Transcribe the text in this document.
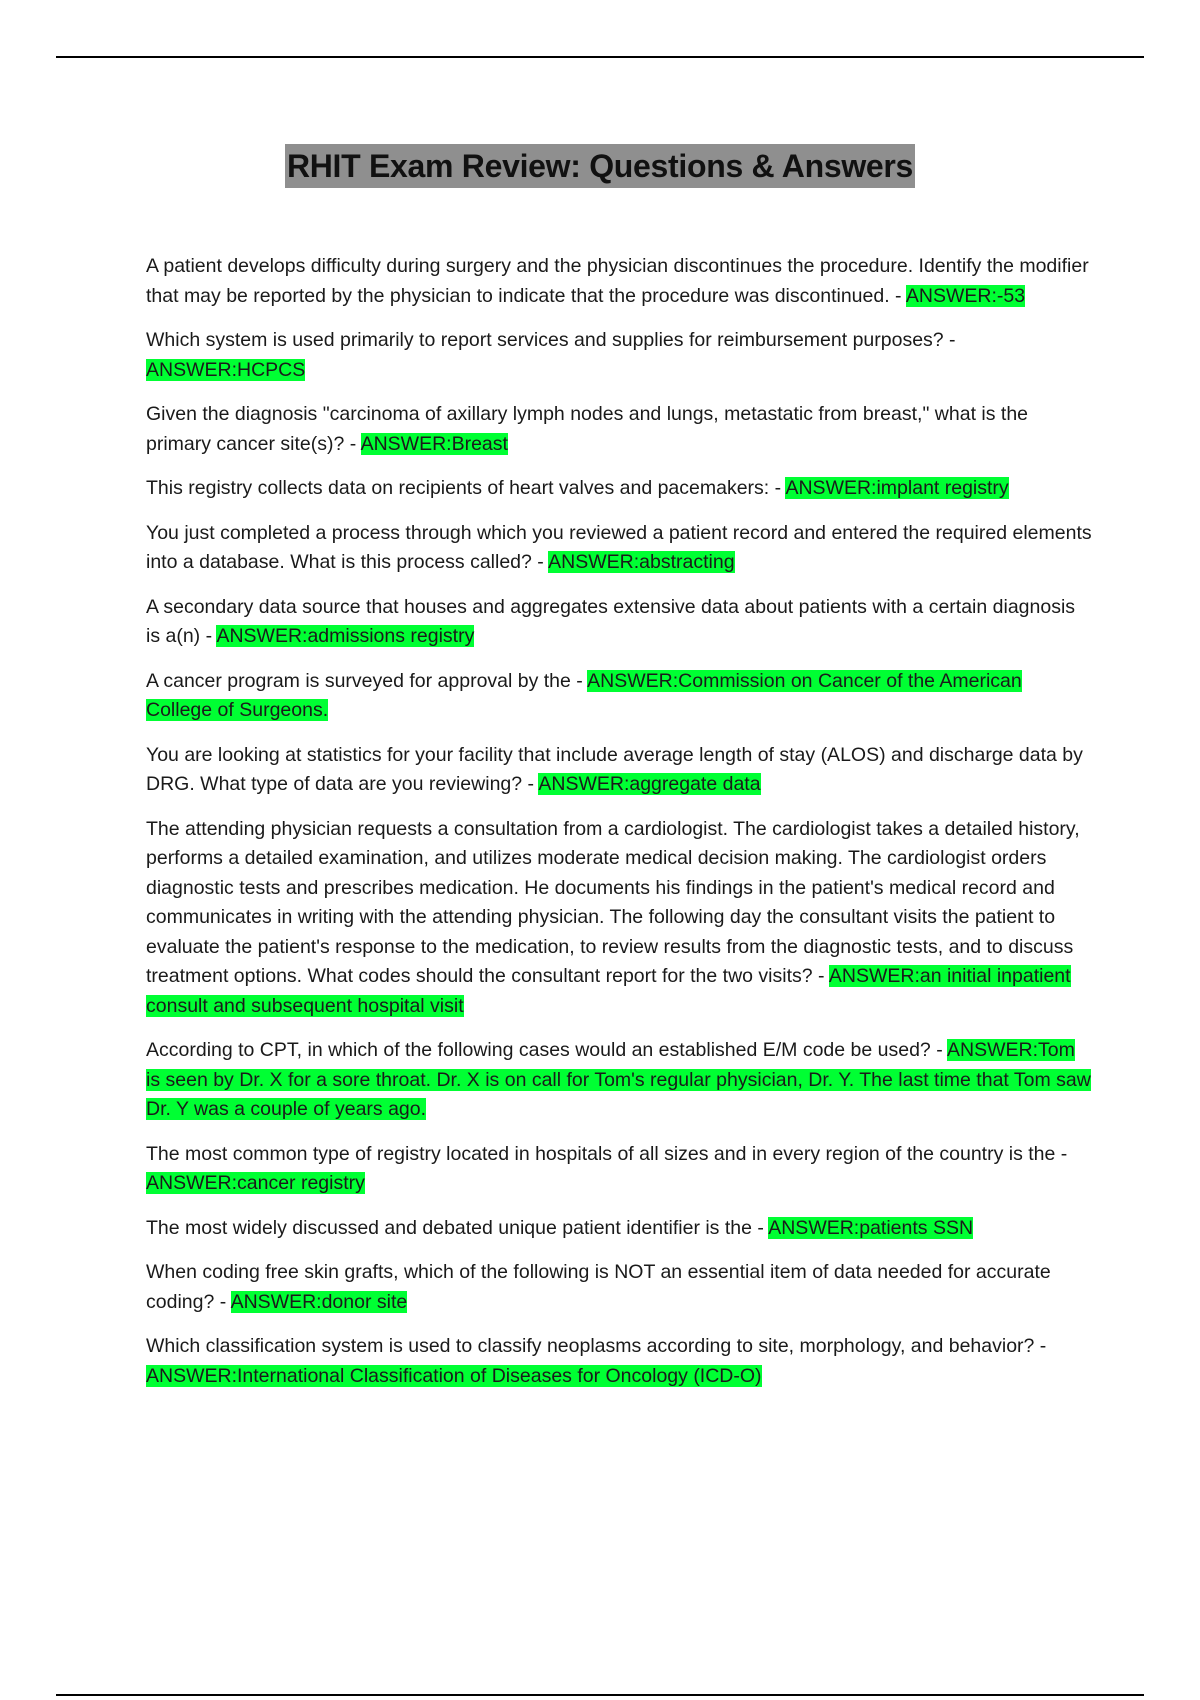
RHIT Exam Review: Questions & Answers

A patient develops difficulty during surgery and the physician discontinues the procedure. Identify the modifier that may be reported by the physician to indicate that the procedure was discontinued. - ANSWER:-53

Which system is used primarily to report services and supplies for reimbursement purposes? - ANSWER:HCPCS

Given the diagnosis "carcinoma of axillary lymph nodes and lungs, metastatic from breast," what is the primary cancer site(s)? - ANSWER:Breast

This registry collects data on recipients of heart valves and pacemakers: - ANSWER:implant registry

You just completed a process through which you reviewed a patient record and entered the required elements into a database. What is this process called? - ANSWER:abstracting

A secondary data source that houses and aggregates extensive data about patients with a certain diagnosis is a(n) - ANSWER:admissions registry

A cancer program is surveyed for approval by the - ANSWER:Commission on Cancer of the American College of Surgeons.

You are looking at statistics for your facility that include average length of stay (ALOS) and discharge data by DRG. What type of data are you reviewing? - ANSWER:aggregate data

The attending physician requests a consultation from a cardiologist. The cardiologist takes a detailed history, performs a detailed examination, and utilizes moderate medical decision making. The cardiologist orders diagnostic tests and prescribes medication. He documents his findings in the patient's medical record and communicates in writing with the attending physician. The following day the consultant visits the patient to evaluate the patient's response to the medication, to review results from the diagnostic tests, and to discuss treatment options. What codes should the consultant report for the two visits? - ANSWER:an initial inpatient consult and subsequent hospital visit

According to CPT, in which of the following cases would an established E/M code be used? - ANSWER:Tom is seen by Dr. X for a sore throat. Dr. X is on call for Tom's regular physician, Dr. Y. The last time that Tom saw Dr. Y was a couple of years ago.

The most common type of registry located in hospitals of all sizes and in every region of the country is the - ANSWER:cancer registry

The most widely discussed and debated unique patient identifier is the - ANSWER:patients SSN

When coding free skin grafts, which of the following is NOT an essential item of data needed for accurate coding? - ANSWER:donor site

Which classification system is used to classify neoplasms according to site, morphology, and behavior? - ANSWER:International Classification of Diseases for Oncology (ICD-O)
